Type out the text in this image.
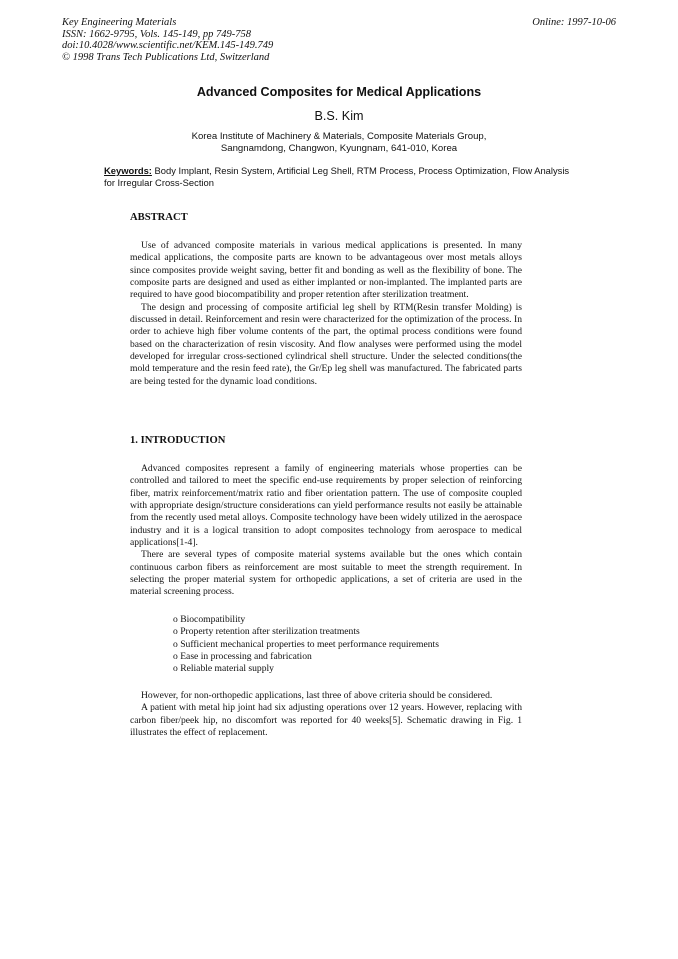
Key Engineering Materials
ISSN: 1662-9795, Vols. 145-149, pp 749-758
doi:10.4028/www.scientific.net/KEM.145-149.749
© 1998 Trans Tech Publications Ltd, Switzerland
Online: 1997-10-06
Advanced Composites for Medical Applications
B.S. Kim
Korea Institute of Machinery & Materials, Composite Materials Group,
Sangnamdong, Changwon, Kyungnam, 641-010, Korea
Keywords: Body Implant, Resin System, Artificial Leg Shell, RTM Process, Process Optimization, Flow Analysis for Irregular Cross-Section
ABSTRACT

Use of advanced composite materials in various medical applications is presented. In many medical applications, the composite parts are known to be advantageous over most metals alloys since composites provide weight saving, better fit and bonding as well as the flexibility of bone. The composite parts are designed and used as either implanted or non-implanted. The implanted parts are required to have good biocompatibility and proper retention after sterilization treatment.

The design and processing of composite artificial leg shell by RTM(Resin transfer Molding) is discussed in detail. Reinforcement and resin were characterized for the optimization of the process. In order to achieve high fiber volume contents of the part, the optimal process conditions were found based on the characterization of resin viscosity. And flow analyses were performed using the model developed for irregular cross-sectioned cylindrical shell structure. Under the selected conditions(the mold temperature and the resin feed rate), the Gr/Ep leg shell was manufactured. The fabricated parts are being tested for the dynamic load conditions.

1. INTRODUCTION

Advanced composites represent a family of engineering materials whose properties can be controlled and tailored to meet the specific end-use requirements by proper selection of reinforcing fiber, matrix reinforcement/matrix ratio and fiber orientation pattern. The use of composite coupled with appropriate design/structure considerations can yield performance results not easily be attainable from the recently used metal alloys. Composite technology have been widely utilized in the aerospace industry and it is a logical transition to adopt composites technology from aerospace to medical applications[1-4].

There are several types of composite material systems available but the ones which contain continuous carbon fibers as reinforcement are most suitable to meet the strength requirement. In selecting the proper material system for orthopedic applications, a set of criteria are used in the material screening process.

o Biocompatibility
o Property retention after sterilization treatments
o Sufficient mechanical properties to meet performance requirements
o Ease in processing and fabrication
o Reliable material supply

However, for non-orthopedic applications, last three of above criteria should be considered.

A patient with metal hip joint had six adjusting operations over 12 years. However, replacing with carbon fiber/peek hip, no discomfort was reported for 40 weeks[5]. Schematic drawing in Fig. 1 illustrates the effect of replacement.
